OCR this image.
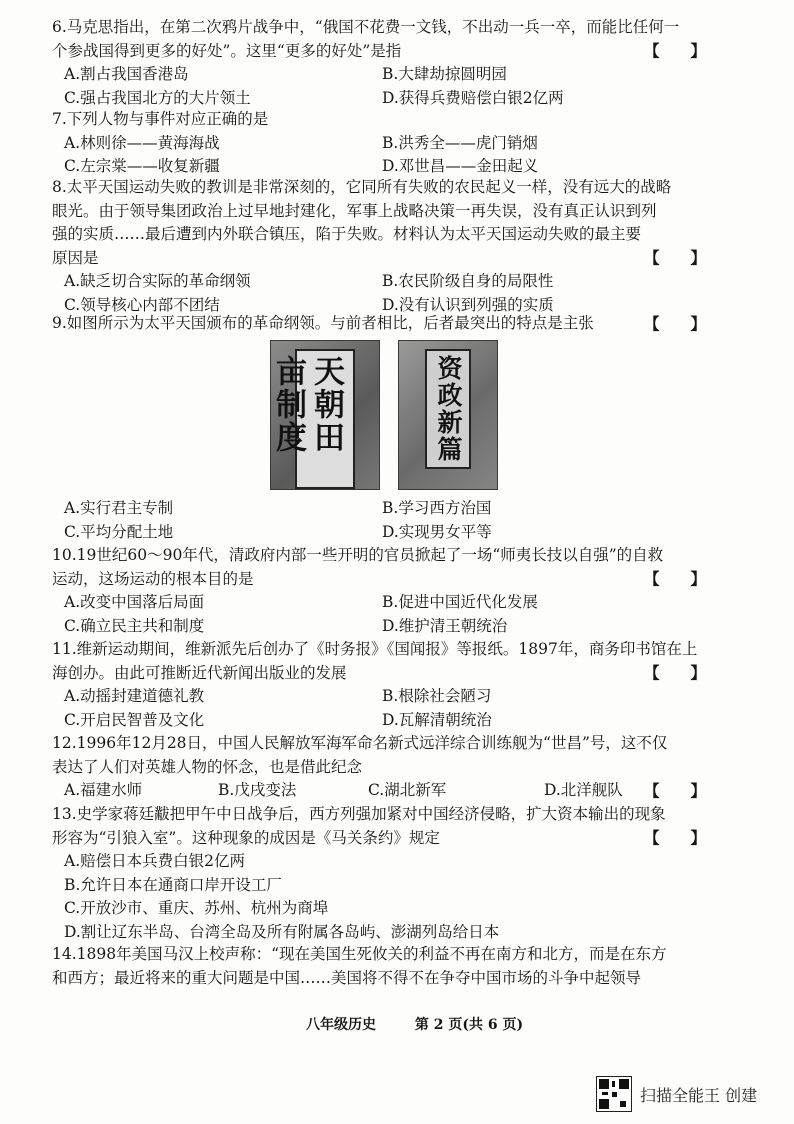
6.马克思指出，在第二次鸦片战争中，“俄国不花费一文钱，不出动一兵一卒，而能比任何一

个参战国得到更多的好处”。这里“更多的好处”是指	【　　】
A.割占我国香港岛	B.大肆劫掠圆明园
C.强占我国北方的大片领土	D.获得兵费赔偿白银2亿两

7.下列人物与事件对应正确的是

A.林则徐——黄海海战	B.洪秀全——虎门销烟
C.左宗棠——收复新疆	D.邓世昌——金田起义

8.太平天国运动失败的教训是非常深刻的，它同所有失败的农民起义一样，没有远大的战略

眼光。由于领导集团政治上过早地封建化，军事上战略决策一再失误，没有真正认识到列

强的实质……最后遭到内外联合镇压，陷于失败。材料认为太平天国运动失败的最主要

原因是	【　　】
A.缺乏切合实际的革命纲领	B.农民阶级自身的局限性
C.领导核心内部不团结	D.没有认识到列强的实质

9.如图所示为太平天国颁布的革命纲领。与前者相比，后者最突出的特点是主张	【　　】
天朝田亩制度	资政新篇
A.实行君主专制	B.学习西方治国
C.平均分配土地	D.实现男女平等

10.19世纪60～90年代，清政府内部一些开明的官员掀起了一场“师夷长技以自强”的自救

运动，这场运动的根本目的是	【　　】
A.改变中国落后局面	B.促进中国近代化发展
C.确立民主共和制度	D.维护清王朝统治

11.维新运动期间，维新派先后创办了《时务报》《国闻报》等报纸。1897年，商务印书馆在上

海创办。由此可推断近代新闻出版业的发展	【　　】
A.动摇封建道德礼教	B.根除社会陋习
C.开启民智普及文化	D.瓦解清朝统治

12.1996年12月28日，中国人民解放军海军命名新式远洋综合训练舰为“世昌”号，这不仅

表达了人们对英雄人物的怀念，也是借此纪念

【　　】
A.福建水师	B.戊戌变法	C.湖北新军	D.北洋舰队

13.史学家蒋廷黻把甲午中日战争后，西方列强加紧对中国经济侵略，扩大资本输出的现象

形容为“引狼入室”。这种现象的成因是《马关条约》规定	【　　】
A.赔偿日本兵费白银2亿两
B.允许日本在通商口岸开设工厂
C.开放沙市、重庆、苏州、杭州为商埠
D.割让辽东半岛、台湾全岛及所有附属各岛屿、澎湖列岛给日本

14.1898年美国马汉上校声称：“现在美国生死攸关的利益不再在南方和北方，而是在东方

和西方；最近将来的重大问题是中国……美国将不得不在争夺中国市场的斗争中起领导

八年级历史	第 2 页(共 6 页)
扫描全能王 创建
